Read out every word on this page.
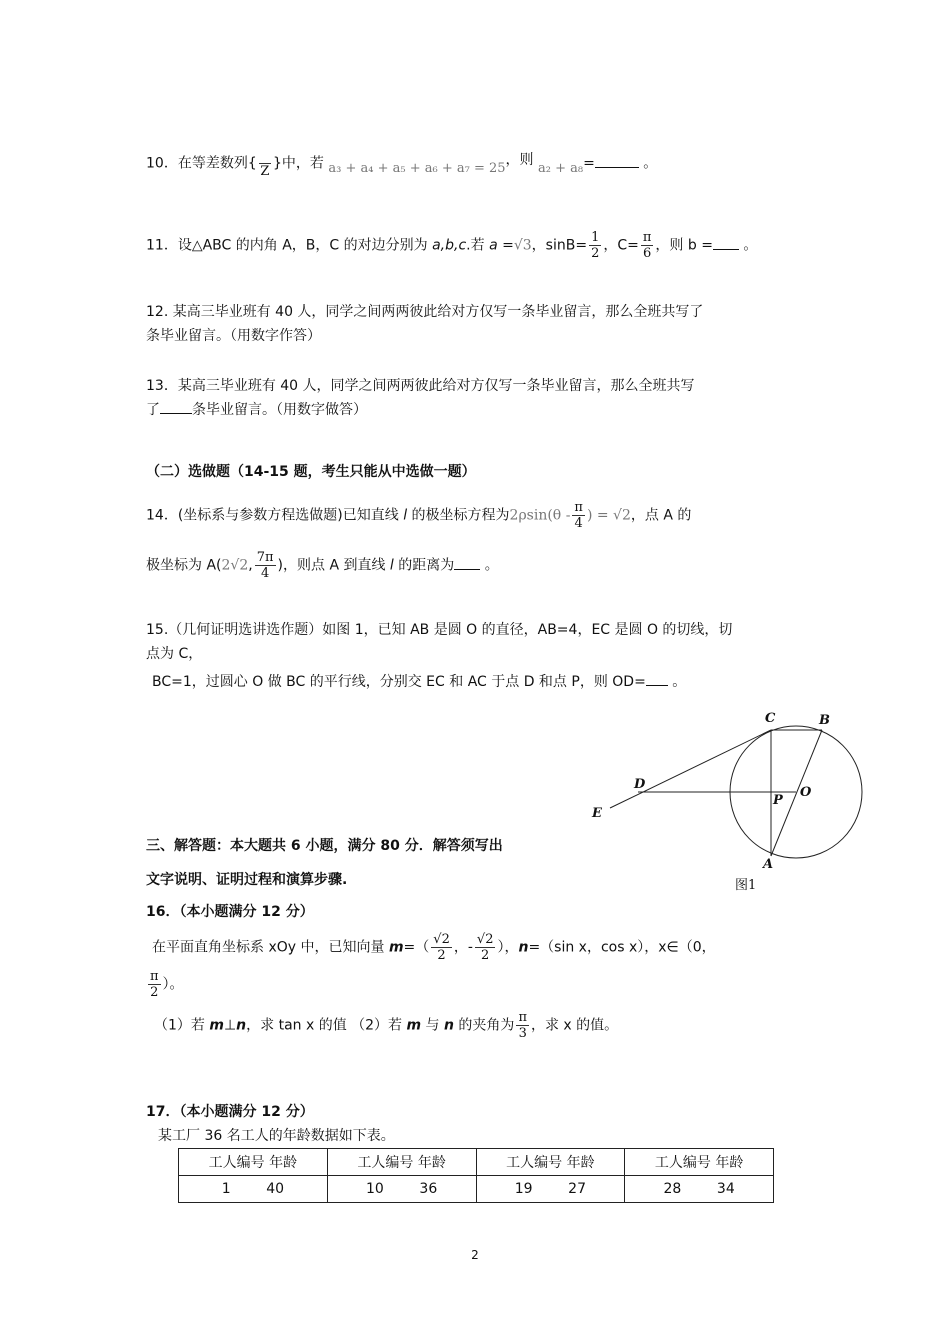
10．在等差数列{
Z }中，若 a₃ + a₄ + a₅ + a₆ + a₇ = 25，则 a₂ + a₈=	。
11．设△ABC 的内角 A，B，C 的对边分别为 a,b,c.若 a =√3，$\sin B= \frac{1}{2}$ ，$C= \frac{\pi}{6}$ ，则 b = 。
12. 某高三毕业班有 40 人，同学之间两两彼此给对方仅写一条毕业留言，那么全班共写了
条毕业留言。（用数字作答）
13．某高三毕业班有 40 人，同学之间两两彼此给对方仅写一条毕业留言，那么全班共写
了 条毕业留言。（用数字做答）
（二）选做题（14-15 题，考生只能从中选做一题）
14．(坐标系与参数方程选做题)已知直线 l 的极坐标方程为$2\rho\sin(\theta - \frac{\pi}{4}$ ) = √2，点 A 的
极坐标为 A(2√2, $\frac{7\pi}{4}$ )，则点 A 到直线 l 的距离为 。
15.（几何证明选讲选作题）如图 1，已知 AB 是圆 O 的直径，AB=4，EC 是圆 O 的切线，切
点为 C，
BC=1，过圆心 O 做 BC 的平行线，分别交 EC 和 AC 于点 D 和点 P，则 OD= 。
C	B
D
O
P
E
A
图1
三、解答题：本大题共 6 小题，满分 80 分．解答须写出
文字说明、证明过程和演算步骤.
16．（本小题满分 12 分）
在平面直角坐标系 xOy 中，已知向量 $m=( \frac{√2}{2}$ ，- $\frac{√2}{2}$ ），n=（sin x，cos x），x∈（0，
$\frac{\pi}{2}$ ）。
（1）若 m⊥n，求 tan x 的值 （2）若 m 与 n 的夹角为 $\frac{\pi}{3}$ ，求 x 的值。
17．（本小题满分 12 分）
某工厂 36 名工人的年龄数据如下表。
工人编号 年龄	工人编号 年龄	工人编号 年龄	工人编号 年龄
1        40	10        36	19        27	28        34
2
